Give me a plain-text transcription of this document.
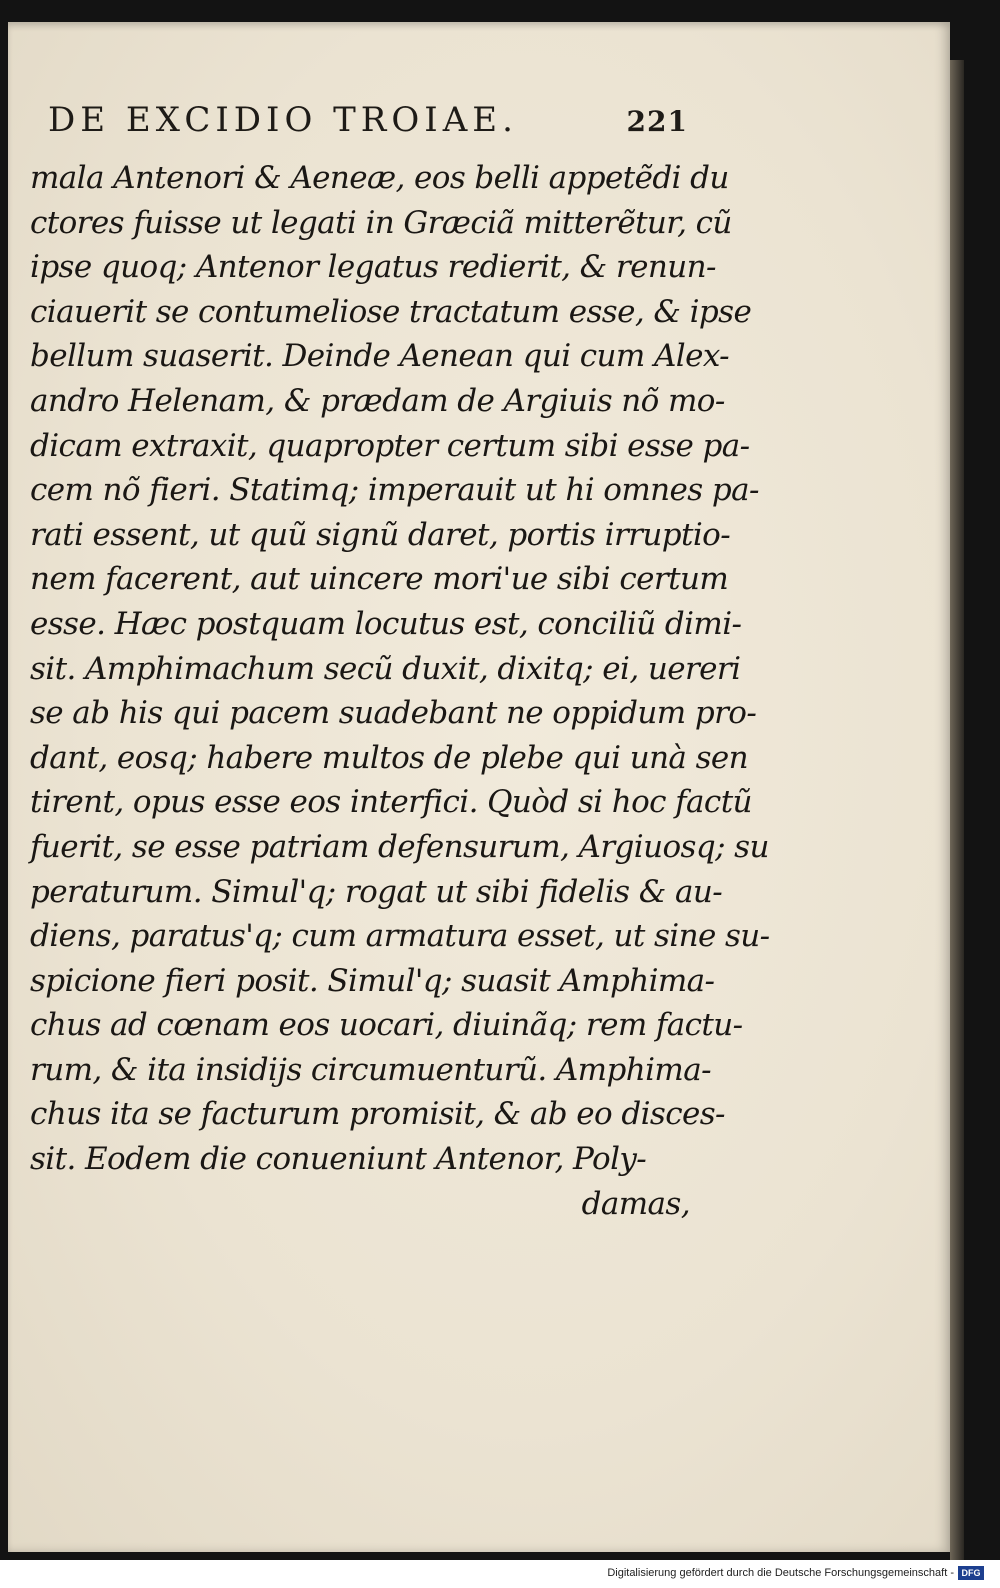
DE EXCIDIO TROIAE.	221
mala Antenori & Aeneæ, eos belli appetẽdi du
ctores fuisse ut legati in Græciã mitterẽtur, cũ
ipse quoq; Antenor legatus redierit, & renun-
ciauerit se contumeliose tractatum esse, & ipse
bellum suaserit. Deinde Aenean qui cum Alex-
andro Helenam, & prædam de Argiuis nõ mo-
dicam extraxit, quapropter certum sibi esse pa-
cem nõ fieri. Statimq; imperauit ut hi omnes pa-
rati essent, ut quũ signũ daret, portis irruptio-
nem facerent, aut uincere mori'ue sibi certum
esse. Hæc postquam locutus est, conciliũ dimi-
sit. Amphimachum secũ duxit, dixitq; ei, uereri
se ab his qui pacem suadebant ne oppidum pro-
dant, eosq; habere multos de plebe qui unà sen
tirent, opus esse eos interfici. Quòd si hoc factũ
fuerit, se esse patriam defensurum, Argiuosq; su
peraturum. Simul'q; rogat ut sibi fidelis & au-
diens, paratus'q; cum armatura esset, ut sine su-
spicione fieri posit. Simul'q; suasit Amphima-
chus ad cœnam eos uocari, diuinãq; rem factu-
rum, & ita insidijs circumuenturũ. Amphima-
chus ita se facturum promisit, & ab eo disces-
sit. Eodem die conueniunt Antenor, Poly-
damas,
Digitalisierung gefördert durch die Deutsche Forschungsgemeinschaft - DFG
